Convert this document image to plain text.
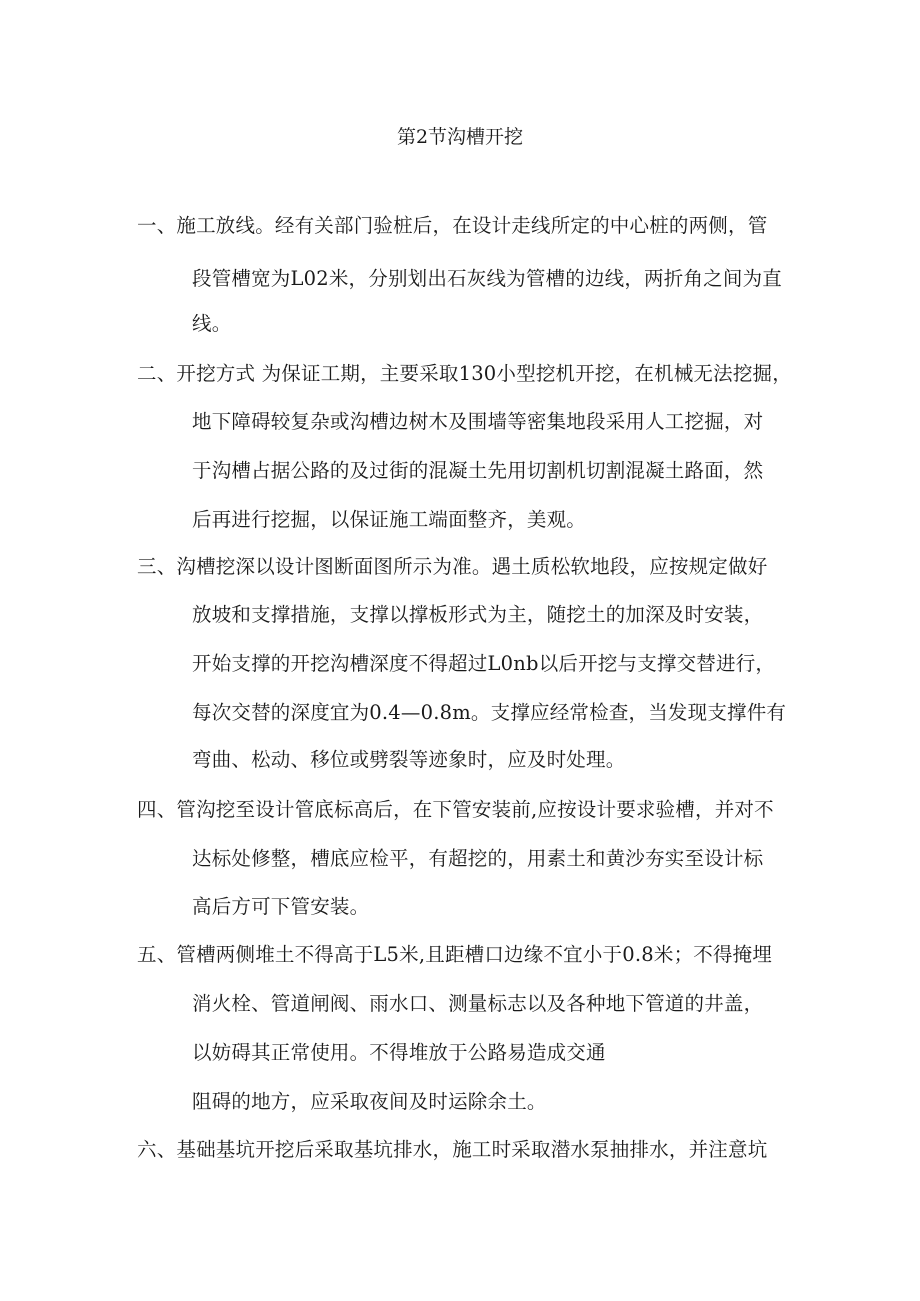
第2节沟槽开挖
一、施工放线。经有关部门验桩后，在设计走线所定的中心桩的两侧，管
段管槽宽为L02米，分别划出石灰线为管槽的边线，两折角之间为直
线。
二、开挖方式 为保证工期，主要采取130小型挖机开挖，在机械无法挖掘，
地下障碍较复杂或沟槽边树木及围墙等密集地段采用人工挖掘，对
于沟槽占据公路的及过街的混凝土先用切割机切割混凝土路面，然
后再进行挖掘，以保证施工端面整齐，美观。
三、沟槽挖深以设计图断面图所示为准。遇土质松软地段，应按规定做好
放坡和支撑措施，支撑以撑板形式为主，随挖土的加深及时安装，
开始支撑的开挖沟槽深度不得超过L0nb以后开挖与支撑交替进行，
每次交替的深度宜为0.4—0.8m。支撑应经常检查，当发现支撑件有
弯曲、松动、移位或劈裂等迹象时，应及时处理。
四、管沟挖至设计管底标高后，在下管安装前,应按设计要求验槽，并对不
达标处修整，槽底应检平，有超挖的，用素土和黄沙夯实至设计标
高后方可下管安装。
五、管槽两侧堆土不得高于L5米,且距槽口边缘不宜小于0.8米；不得掩埋
消火栓、管道闸阀、雨水口、测量标志以及各种地下管道的井盖，
以妨碍其正常使用。不得堆放于公路易造成交通
阻碍的地方，应采取夜间及时运除余土。
六、基础基坑开挖后采取基坑排水，施工时采取潜水泵抽排水，并注意坑
